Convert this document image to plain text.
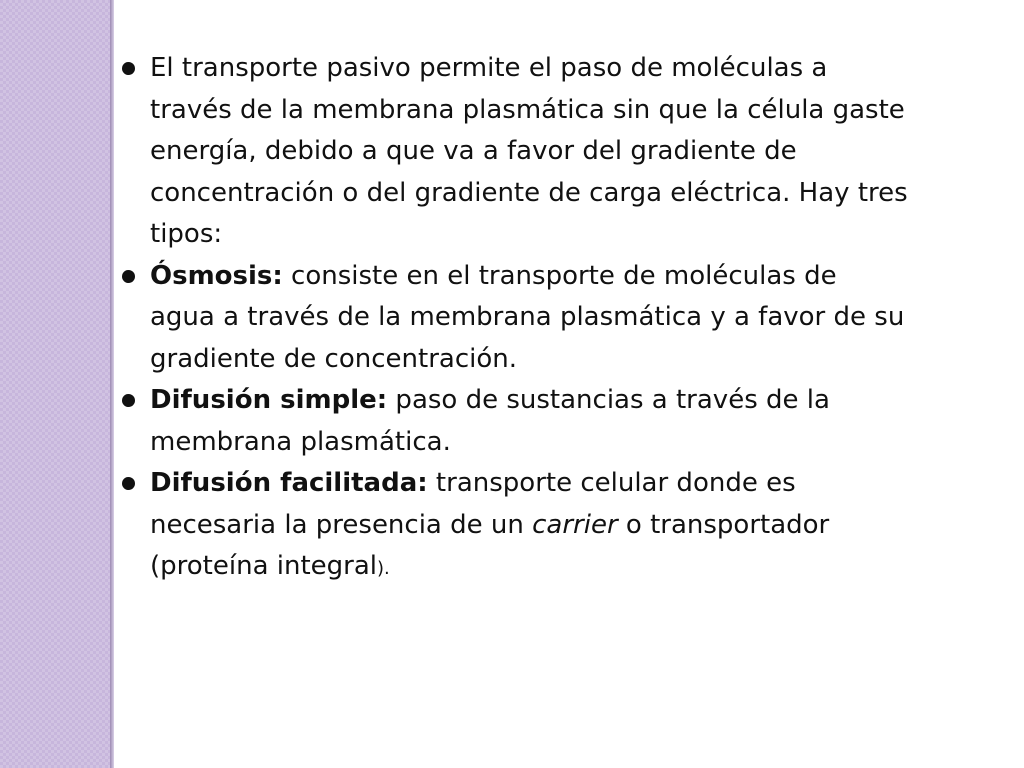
El transporte pasivo permite el paso de moléculas a través de la membrana plasmática sin que la célula gaste energía, debido a que va a favor del gradiente de concentración o del gradiente de carga eléctrica. Hay tres tipos:
Ósmosis: consiste en el transporte de moléculas de agua a través de la membrana plasmática y a favor de su gradiente de concentración.
Difusión simple: paso de sustancias a través de la membrana plasmática.
Difusión facilitada: transporte celular donde es necesaria la presencia de un carrier o transportador (proteína integral).
